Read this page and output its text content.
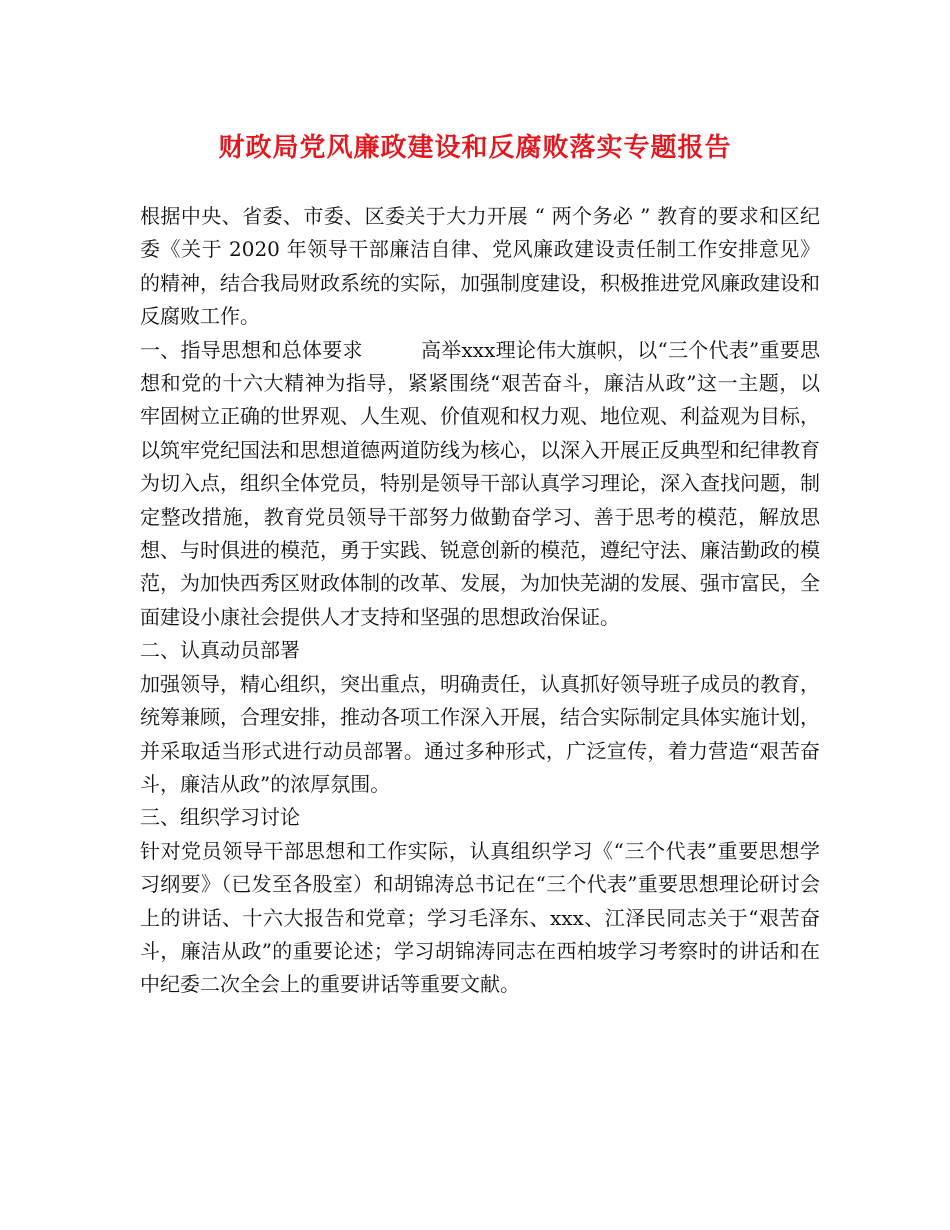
财政局党风廉政建设和反腐败落实专题报告

根据中央、省委、市委、区委关于大力开展 “ 两个务必 ” 教育的要求和区纪委《关于 2020 年领导干部廉洁自律、党风廉政建设责任制工作安排意见》的精神，结合我局财政系统的实际，加强制度建设，积极推进党风廉政建设和反腐败工作。

一、指导思想和总体要求	高举xxx理论伟大旗帜，以“三个代表”重要思想和党的十六大精神为指导，紧紧围绕“艰苦奋斗，廉洁从政”这一主题，以牢固树立正确的世界观、人生观、价值观和权力观、地位观、利益观为目标，以筑牢党纪国法和思想道德两道防线为核心，以深入开展正反典型和纪律教育为切入点，组织全体党员，特别是领导干部认真学习理论，深入查找问题，制定整改措施，教育党员领导干部努力做勤奋学习、善于思考的模范，解放思想、与时俱进的模范，勇于实践、锐意创新的模范，遵纪守法、廉洁勤政的模范，为加快西秀区财政体制的改革、发展，为加快芜湖的发展、强市富民，全面建设小康社会提供人才支持和坚强的思想政治保证。

二、认真动员部署

加强领导，精心组织，突出重点，明确责任，认真抓好领导班子成员的教育，统筹兼顾，合理安排，推动各项工作深入开展，结合实际制定具体实施计划，并采取适当形式进行动员部署。通过多种形式，广泛宣传，着力营造“艰苦奋斗，廉洁从政”的浓厚氛围。

三、组织学习讨论

针对党员领导干部思想和工作实际，认真组织学习《“三个代表”重要思想学习纲要》（已发至各股室）和胡锦涛总书记在“三个代表”重要思想理论研讨会上的讲话、十六大报告和党章；学习毛泽东、xxx、江泽民同志关于“艰苦奋斗，廉洁从政”的重要论述；学习胡锦涛同志在西柏坡学习考察时的讲话和在中纪委二次全会上的重要讲话等重要文献。
